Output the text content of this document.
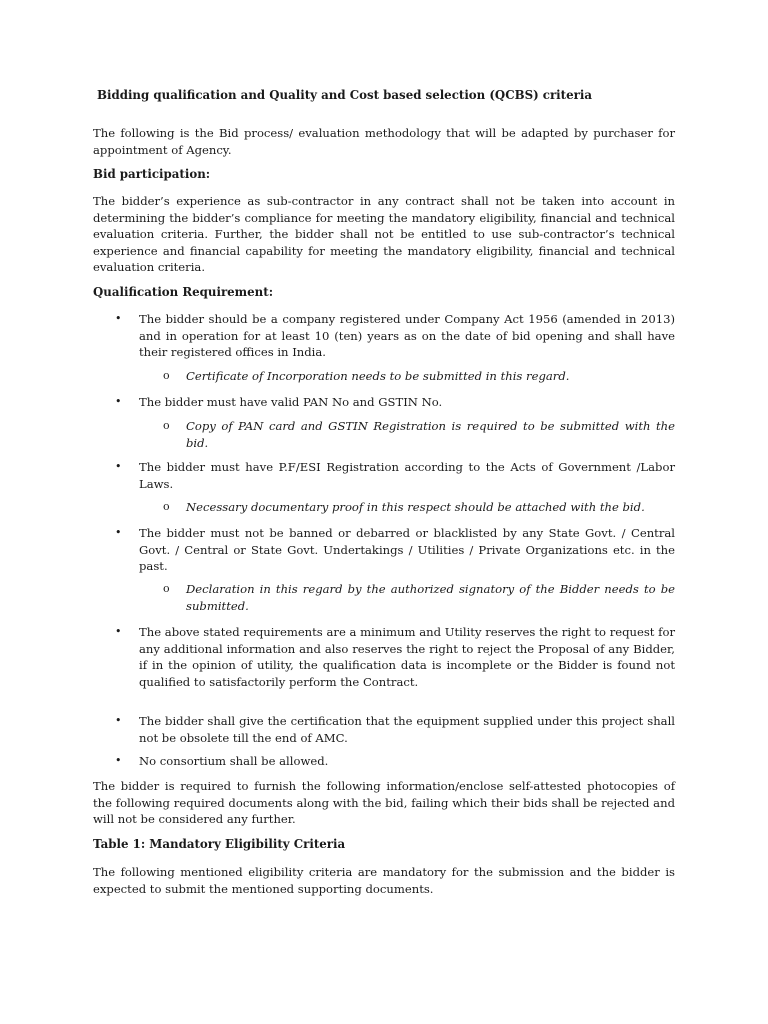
Bidding qualification and Quality and Cost based selection (QCBS) criteria

The following is the Bid process/ evaluation methodology that will be adapted by purchaser for appointment of Agency.

Bid participation:

The bidder’s experience as sub-contractor in any contract shall not be taken into account in determining the bidder’s compliance for meeting the mandatory eligibility, financial and technical evaluation criteria. Further, the bidder shall not be entitled to use sub-contractor’s technical experience and financial capability for meeting the mandatory eligibility, financial and technical evaluation criteria.

Qualification Requirement:

• The bidder should be a company registered under Company Act 1956 (amended in 2013) and in operation for at least 10 (ten) years as on the date of bid opening and shall have their registered offices in India.

o Certificate of Incorporation needs to be submitted in this regard.

• The bidder must have valid PAN No and GSTIN No.

o Copy of PAN card and GSTIN Registration is required to be submitted with the bid.

• The bidder must have P.F/ESI Registration according to the Acts of Government /Labor Laws.

o Necessary documentary proof in this respect should be attached with the bid.

• The bidder must not be banned or debarred or blacklisted by any State Govt. / Central Govt. / Central or State Govt. Undertakings / Utilities / Private Organizations etc. in the past.

o Declaration in this regard by the authorized signatory of the Bidder needs to be submitted.

• The above stated requirements are a minimum and Utility reserves the right to request for any additional information and also reserves the right to reject the Proposal of any Bidder, if in the opinion of utility, the qualification data is incomplete or the Bidder is found not qualified to satisfactorily perform the Contract.

• The bidder shall give the certification that the equipment supplied under this project shall not be obsolete till the end of AMC.

• No consortium shall be allowed.

The bidder is required to furnish the following information/enclose self-attested photocopies of the following required documents along with the bid, failing which their bids shall be rejected and will not be considered any further.

Table 1: Mandatory Eligibility Criteria

The following mentioned eligibility criteria are mandatory for the submission and the bidder is expected to submit the mentioned supporting documents.
